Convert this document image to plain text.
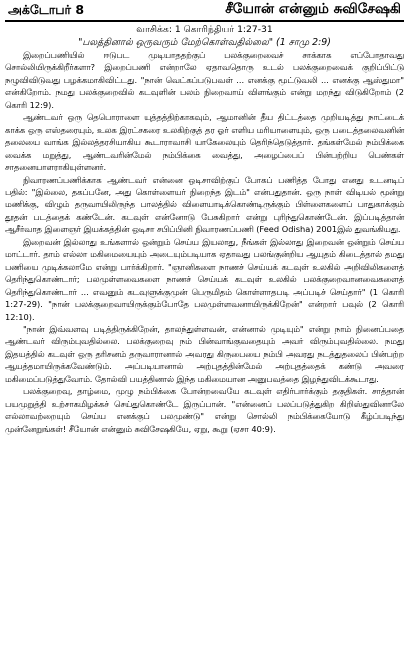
அக்டோபர் 8	சீயோன் என்னும் சுவிசேஷகி
வாசிக்க: 1 கொரிந்தியர் 1:27-31
"பலத்தினால் ஒருவரும் மேற்கொள்வதில்லை" (1 சாமு 2:9)

இறைப்பணியில் ஈடுபட முடியாததற்குப் பலக்குறைவைச் சாக்காக எப்போதாவது சொல்லியிருக்கிறீர்களா? இறைப்பணி என்றாலே ஏதாவதொரு உடல் பலக்குறைவைக் குறிப்பிட்டு நழுவிவிடுவது பழக்கமாகிவிட்டது. "நான் வெட்கப்படுபவள் ... எனக்கு மூட்டுவலி ... எனக்கு ஆஸ்துமா" என்கிறோம். நமது பலக்குறைவில் கடவுளின் பலம் நிறைவாய் விளங்கும் என்று மறந்து விடுகிறோம் (2 கொரி 12:9).

ஆண்டவர் ஒரு தெபொராளை யுத்தத்திற்காகவும், ஆமானின் தீய திட்டத்தை முறியடித்து நாட்டைக் காக்க ஒரு எஸ்தரையும், உலக இரட்சகரை உலகிற்குத் தர ஓர் எளிய மரியாளையும், ஒரு படைத்தலைவனின் தலையை வாங்க இல்லத்தரசியாகிய கூடாராவாசி யாகேலையும் தெரிந்தெடுத்தார். தங்கள்மேல் நம்பிக்கை வைக்க மறுத்து, ஆண்டவரின்மேல் நம்பிக்கை வைத்து, அழைப்பைப் பின்பற்றிய பெண்கள் சாதனையாளராகியுள்ளனர்.

நிவாரணப்பணிக்காக ஆண்டவர் என்னை ஒடிசாவிற்குப் போகப் பணித்த போது எனது உடனடிப் பதில்: "இல்லை, தகப்பனே, அது கொள்ளையர் நிறைந்த இடம்" என்பதுதான். ஒரு நாள் விடியல் மூன்று மணிக்கு, விழும் தருவாயிலிருந்த பாலத்தில் விளையாடிக்கொண்டிருக்கும் பிள்ளைகளைப் பாதுகாக்கும் தூதன் படத்தைக் கண்டேன். கடவுள் என்னோடு பேசுகிறார் என்று புரிந்துகொண்டேன். இப்படித்தான் ஆசீர்வாத இளைஞர் இயக்கத்தின் ஒடிசா சபிப்பினி நிவாரணப்பணி (Feed Odisha) 2001இல் துவங்கியது.

இறைவன் இல்லாது உங்களால் ஒன்றும் செய்ய இயலாது, நீங்கள் இல்லாது இறைவன் ஒன்றும் செய்ய மாட்டார். தாம் எல்லா மகிமையையும் அடையும்படியாக ஏதாவது பலங்குன்றிய ஆயுதம் கிடைத்தால் தமது பணியை முடிக்கலாமே என்று பார்க்கிறார். "ஞானிகளை நாணச் செய்யக் கடவுள் உலகில் அறிவிலிகளைத் தெரிந்துகொண்டார்; பலமுள்ளவைகளை நாணச் செய்யக் கடவுள் உலகில் பலக்குறைவானவைகளைத் தெரிந்துகொண்டார் ... எவனும் கடவுளுக்குமுன் பெருமிதம் கொள்ளாதபடி அப்படிச் செய்தார்" (1 கொரி 1:27-29). "நான் பலக்குறைவாயிருக்கும்போதே பலமுள்ளவனாயிருக்கிறேன்" என்றார் பவுல் (2 கொரி 12:10).

"நான் இவ்வளவு படித்திருக்கிறேன், தாலந்துள்ளவன், என்னால் முடியும்" என்று நாம் நினைப்பதை ஆண்டவர் விரும்புவதில்லை. பலக்குறைவு நம் பின்வாங்குவதையும் அவர் விரும்புவதில்லை. நமது இதயத்தில் கடவுள் ஒரு தரிசனம் தருவாரானால் அவரது கிருபையை நம்பி அவரது நடத்துதலைப் பின்பற்ற ஆயத்தமாயிருக்கவேண்டும். அப்படியானால் அற்புதத்தின்மேல் அற்புதத்தைக் கண்டு அவரை மகிமைப்படுத்துவோம். தோல்வி பயத்தினால் இந்த மகிமையான அனுபவத்தை இழந்துவிடக்கூடாது.

பலக்குறைவு, தாழ்மை, முழு நம்பிக்கை போன்றவையே கடவுள் எதிர்பார்க்கும் தகுதிகள். சாத்தான் பயமுறுத்தி உற்சாகமிழக்கச் செய்துகொண்டே இருப்பான். "என்னைப் பலப்படுத்துகிற கிறிஸ்துவினாலே எல்லாவற்றையும் செய்ய எனக்குப் பலமுண்டு" என்று சொல்லி நம்பிக்கையோடு கீழ்ப்படிந்து முன்னேறுங்கள்! சீயோன் என்னும் சுவிசேஷகியே, ஏறு, கூறு (ஏசா 40:9).
